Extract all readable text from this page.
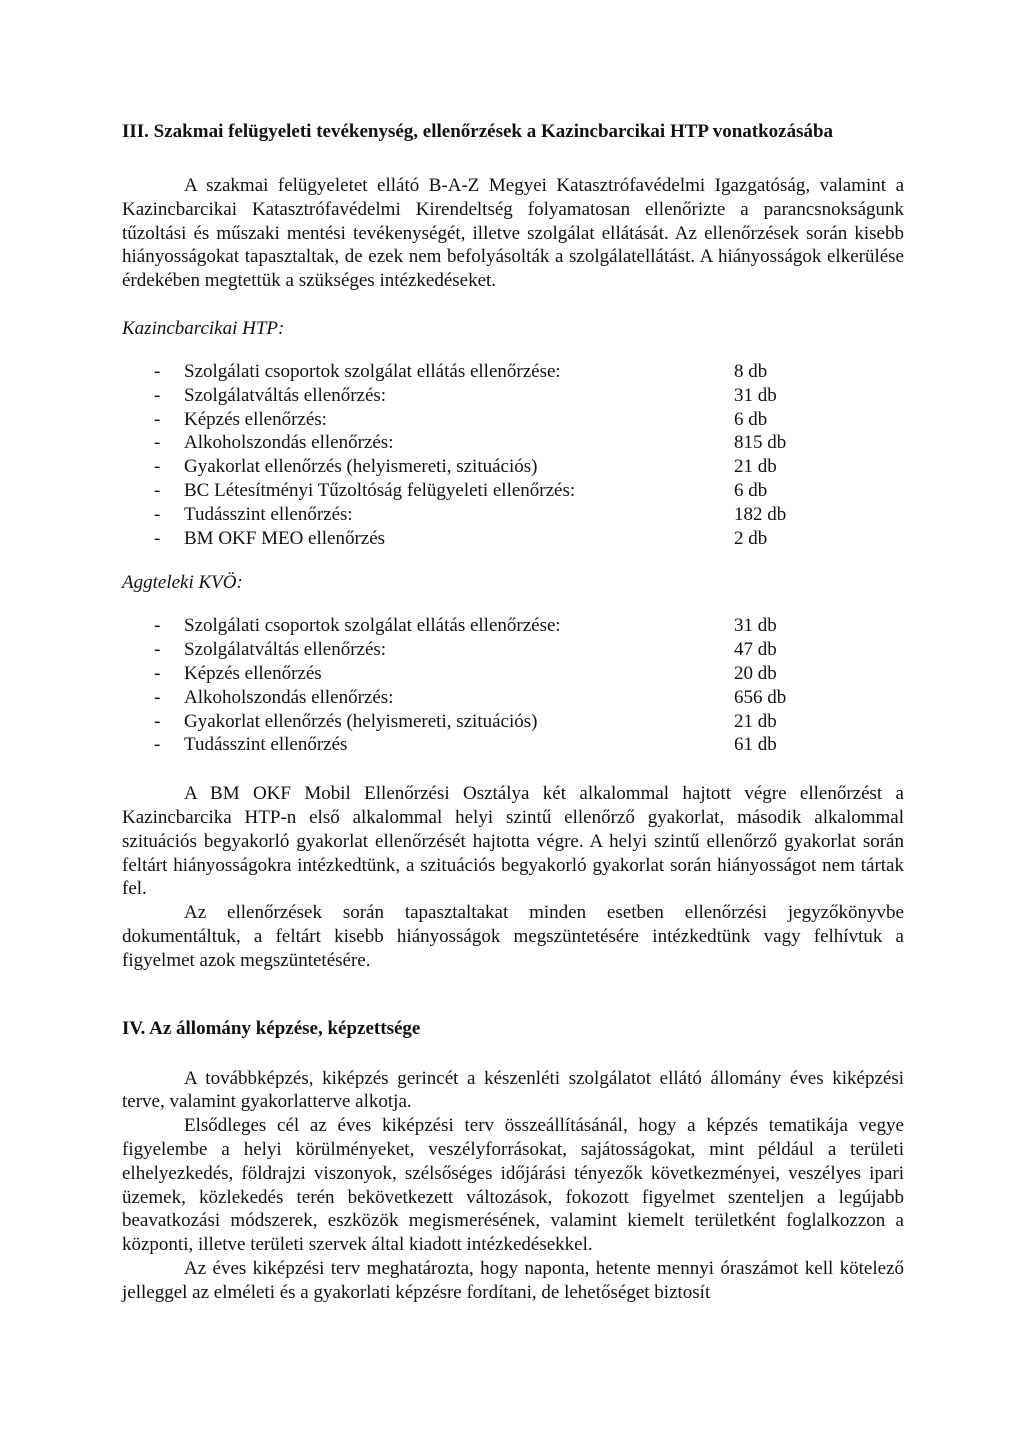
III. Szakmai felügyeleti tevékenység, ellenőrzések a Kazincbarcikai HTP vonatkozásába

A szakmai felügyeletet ellátó B-A-Z Megyei Katasztrófavédelmi Igazgatóság, valamint a Kazincbarcikai Katasztrófavédelmi Kirendeltség folyamatosan ellenőrizte a parancsnokságunk tűzoltási és műszaki mentési tevékenységét, illetve szolgálat ellátását. Az ellenőrzések során kisebb hiányosságokat tapasztaltak, de ezek nem befolyásolták a szolgálatellátást. A hiányosságok elkerülése érdekében megtettük a szükséges intézkedéseket.

Kazincbarcikai HTP:
- Szolgálati csoportok szolgálat ellátás ellenőrzése:	8 db
- Szolgálatváltás ellenőrzés:	31 db
- Képzés ellenőrzés:	6 db
- Alkoholszondás ellenőrzés:	815 db
- Gyakorlat ellenőrzés (helyismereti, szituációs)	21 db
- BC Létesítményi Tűzoltóság felügyeleti ellenőrzés:	6 db
- Tudásszint ellenőrzés:	182 db
- BM OKF MEO ellenőrzés	2 db
Aggteleki KVÖ:
- Szolgálati csoportok szolgálat ellátás ellenőrzése:	31 db
- Szolgálatváltás ellenőrzés:	47 db
- Képzés ellenőrzés	20 db
- Alkoholszondás ellenőrzés:	656 db
- Gyakorlat ellenőrzés (helyismereti, szituációs)	21 db
- Tudásszint ellenőrzés	61 db

A BM OKF Mobil Ellenőrzési Osztálya két alkalommal hajtott végre ellenőrzést a Kazincbarcika HTP-n első alkalommal helyi szintű ellenőrző gyakorlat, második alkalommal szituációs begyakorló gyakorlat ellenőrzését hajtotta végre. A helyi szintű ellenőrző gyakorlat során feltárt hiányosságokra intézkedtünk, a szituációs begyakorló gyakorlat során hiányosságot nem tártak fel.

Az ellenőrzések során tapasztaltakat minden esetben ellenőrzési jegyzőkönyvbe dokumentáltuk, a feltárt kisebb hiányosságok megszüntetésére intézkedtünk vagy felhívtuk a figyelmet azok megszüntetésére.

IV. Az állomány képzése, képzettsége

A továbbképzés, kiképzés gerincét a készenléti szolgálatot ellátó állomány éves kiképzési terve, valamint gyakorlatterve alkotja.

Elsődleges cél az éves kiképzési terv összeállításánál, hogy a képzés tematikája vegye figyelembe a helyi körülményeket, veszélyforrásokat, sajátosságokat, mint például a területi elhelyezkedés, földrajzi viszonyok, szélsőséges időjárási tényezők következményei, veszélyes ipari üzemek, közlekedés terén bekövetkezett változások, fokozott figyelmet szenteljen a legújabb beavatkozási módszerek, eszközök megismerésének, valamint kiemelt területként foglalkozzon a központi, illetve területi szervek által kiadott intézkedésekkel.

Az éves kiképzési terv meghatározta, hogy naponta, hetente mennyi óraszámot kell kötelező jelleggel az elméleti és a gyakorlati képzésre fordítani, de lehetőséget biztosít
